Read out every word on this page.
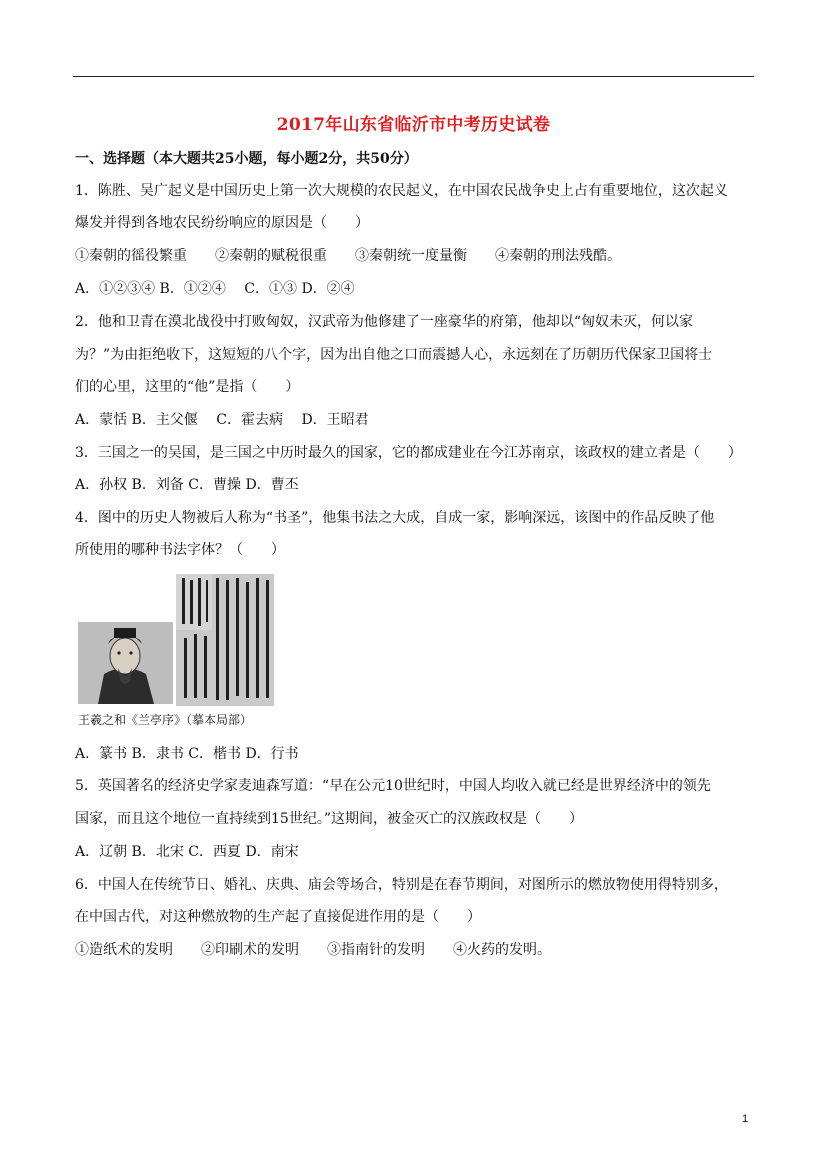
2017年山东省临沂市中考历史试卷
一、选择题（本大题共25小题，每小题2分，共50分）
1．陈胜、吴广起义是中国历史上第一次大规模的农民起义，在中国农民战争史上占有重要地位，这次起义
爆发并得到各地农民纷纷响应的原因是（　　）
①秦朝的徭役繁重　　②秦朝的赋税很重　　③秦朝统一度量衡　　④秦朝的刑法残酷。
A．①②③④ B．①②④　 C．①③ D．②④
2．他和卫青在漠北战役中打败匈奴，汉武帝为他修建了一座豪华的府第，他却以“匈奴未灭，何以家
为？”为由拒绝收下，这短短的八个字，因为出自他之口而震撼人心，永远刻在了历朝历代保家卫国将士
们的心里，这里的“他”是指（　　）
A．蒙恬 B．主父偃　 C．霍去病　 D．王昭君
3．三国之一的吴国，是三国之中历时最久的国家，它的都成建业在今江苏南京，该政权的建立者是（　　）
A．孙权 B．刘备 C．曹操 D．曹丕
4．图中的历史人物被后人称为“书圣”，他集书法之大成，自成一家，影响深远，该图中的作品反映了他
所使用的哪种书法字体？（　　）
王羲之和《兰亭序》（摹本局部）
A．篆书 B．隶书 C．楷书 D．行书
5．英国著名的经济史学家麦迪森写道：“早在公元10世纪时，中国人均收入就已经是世界经济中的领先
国家，而且这个地位一直持续到15世纪。”这期间，被金灭亡的汉族政权是（　　）
A．辽朝 B．北宋 C．西夏 D．南宋
6．中国人在传统节日、婚礼、庆典、庙会等场合，特别是在春节期间，对图所示的燃放物使用得特别多，
在中国古代，对这种燃放物的生产起了直接促进作用的是（　　）
①造纸术的发明　　②印刷术的发明　　③指南针的发明　　④火药的发明。
1
